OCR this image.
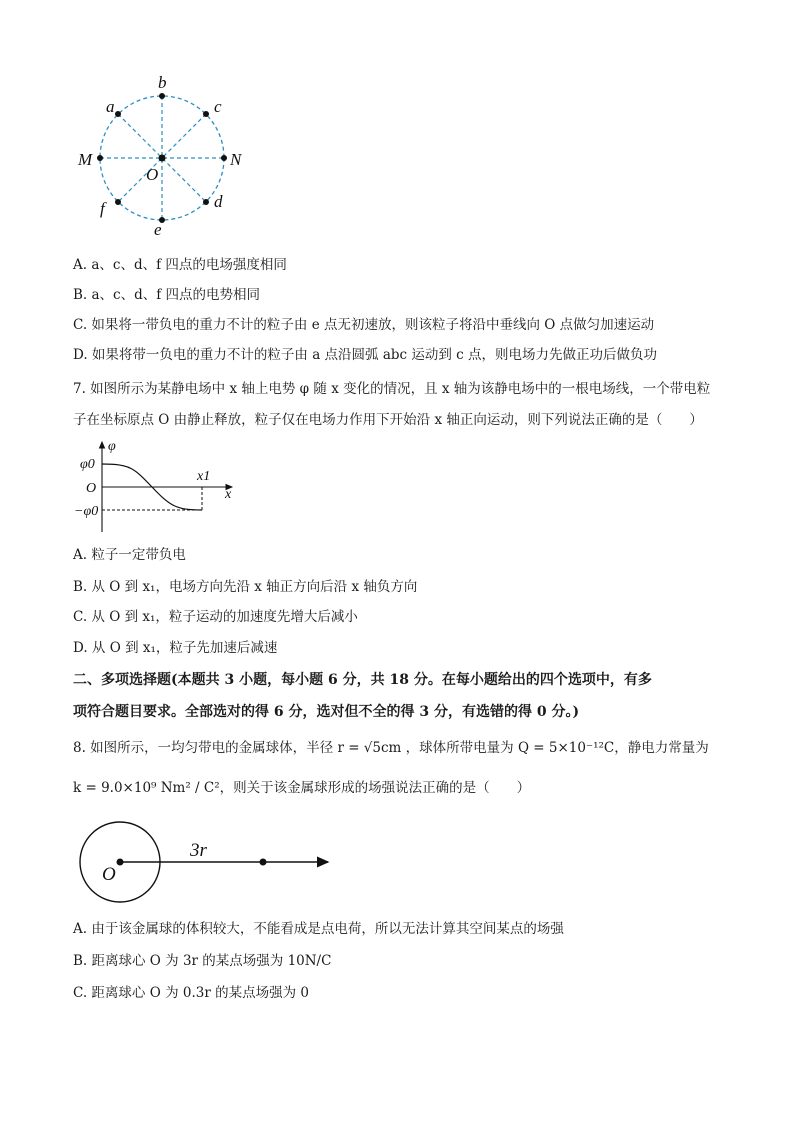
b
a	c
M	N
O
f	d
e
A. a、c、d、f 四点的电场强度相同
B. a、c、d、f 四点的电势相同
C. 如果将一带负电的重力不计的粒子由 e 点无初速放，则该粒子将沿中垂线向 O 点做匀加速运动
D. 如果将带一负电的重力不计的粒子由 a 点沿圆弧 abc 运动到 c 点，则电场力先做正功后做负功
7. 如图所示为某静电场中 x 轴上电势 φ 随 x 变化的情况，且 x 轴为该静电场中的一根电场线，一个带电粒
子在坐标原点 O 由静止释放，粒子仅在电场力作用下开始沿 x 轴正向运动，则下列说法正确的是（　　）
φ
φ0
O
−φ0
x1
x
A. 粒子一定带负电
B. 从 O 到 x₁，电场方向先沿 x 轴正方向后沿 x 轴负方向
C. 从 O 到 x₁，粒子运动的加速度先增大后减小
D. 从 O 到 x₁，粒子先加速后减速
二、多项选择题(本题共 3 小题，每小题 6 分，共 18 分。在每小题给出的四个选项中，有多
项符合题目要求。全部选对的得 6 分，选对但不全的得 3 分，有选错的得 0 分。)
8. 如图所示，一均匀带电的金属球体，半径 r = √5cm ，球体所带电量为 Q = 5×10⁻¹²C，静电力常量为
k = 9.0×10⁹ Nm² / C²，则关于该金属球形成的场强说法正确的是（　　）
O
3r
A. 由于该金属球的体积较大，不能看成是点电荷，所以无法计算其空间某点的场强
B. 距离球心 O 为 3r 的某点场强为 10N/C
C. 距离球心 O 为 0.3r 的某点场强为 0
